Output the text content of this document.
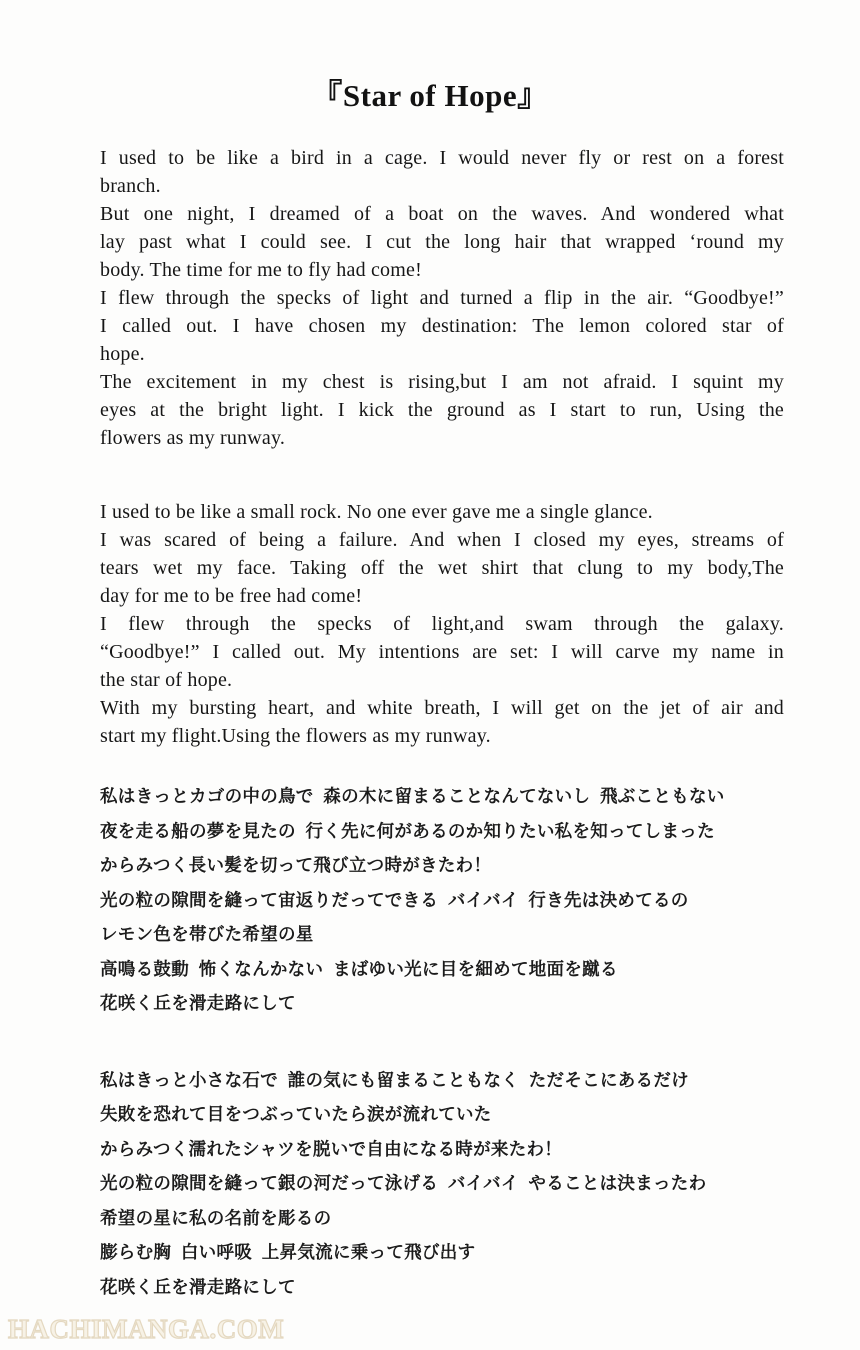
『Star of Hope』
I used to be like a bird in a cage. I would never fly or rest on a forest
branch.
But one night, I dreamed of a boat on the waves. And wondered what
lay past what I could see. I cut the long hair that wrapped ‘round my
body. The time for me to fly had come!
I flew through the specks of light and turned a flip in the air. “Goodbye!”
I called out. I have chosen my destination: The lemon colored star of
hope.
The excitement in my chest is rising,but I am not afraid. I squint my
eyes at the bright light. I kick the ground as I start to run, Using the
flowers as my runway.
I used to be like a small rock. No one ever gave me a single glance.
I was scared of being a failure. And when I closed my eyes, streams of
tears wet my face. Taking off the wet shirt that clung to my body,The
day for me to be free had come!
I flew through the specks of light,and swam through the galaxy.
“Goodbye!” I called out. My intentions are set: I will carve my name in
the star of hope.
With my bursting heart, and white breath, I will get on the jet of air and
start my flight.Using the flowers as my runway.
私はきっとカゴの中の鳥で 森の木に留まることなんてないし 飛ぶこともない
夜を走る船の夢を見たの 行く先に何があるのか知りたい私を知ってしまった
からみつく長い髪を切って飛び立つ時がきたわ！
光の粒の隙間を縫って宙返りだってできる バイバイ 行き先は決めてるの
レモン色を帯びた希望の星
高鳴る鼓動 怖くなんかない まばゆい光に目を細めて地面を蹴る
花咲く丘を滑走路にして
私はきっと小さな石で 誰の気にも留まることもなく ただそこにあるだけ
失敗を恐れて目をつぶっていたら涙が流れていた
からみつく濡れたシャツを脱いで自由になる時が来たわ！
光の粒の隙間を縫って銀の河だって泳げる バイバイ やることは決まったわ
希望の星に私の名前を彫るの
膨らむ胸 白い呼吸 上昇気流に乗って飛び出す
花咲く丘を滑走路にして
HACHIMANGA.COM
